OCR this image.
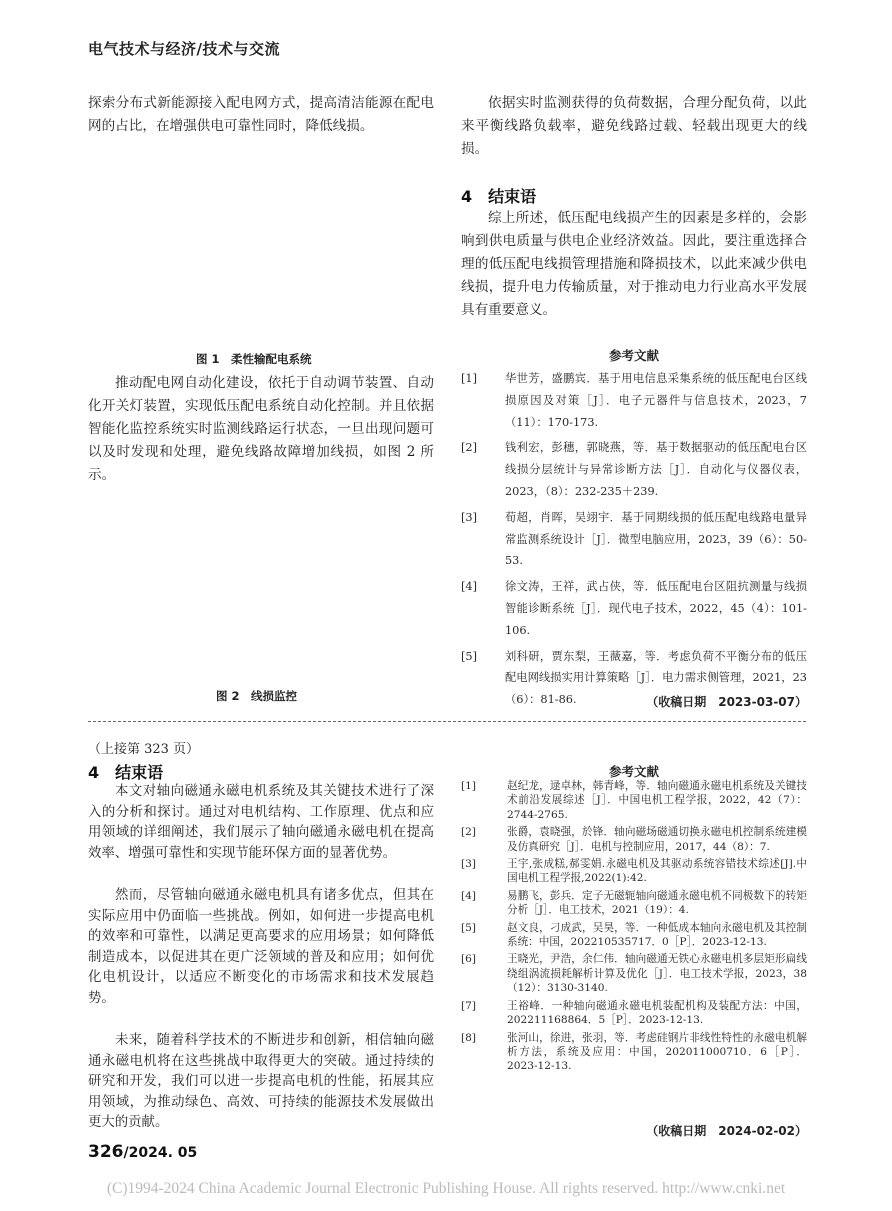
电气技术与经济/技术与交流
探索分布式新能源接入配电网方式，提高清洁能源在配电网的占比，在增强供电可靠性同时，降低线损。
图 1　柔性输配电系统
推动配电网自动化建设，依托于自动调节装置、自动化开关灯装置，实现低压配电系统自动化控制。并且依据智能化监控系统实时监测线路运行状态，一旦出现问题可以及时发现和处理，避免线路故障增加线损，如图 2 所示。
图 2　线损监控
依据实时监测获得的负荷数据，合理分配负荷，以此来平衡线路负载率，避免线路过载、轻载出现更大的线损。
4　结束语
综上所述，低压配电线损产生的因素是多样的，会影响到供电质量与供电企业经济效益。因此，要注重选择合理的低压配电线损管理措施和降损技术，以此来减少供电线损，提升电力传输质量，对于推动电力行业高水平发展具有重要意义。
参考文献
[1] 华世芳，盛鹏宾．基于用电信息采集系统的低压配电台区线损原因及对策［J］．电子元器件与信息技术，2023，7（11）：170-173.
[2] 钱利宏，彭穗，郭晓燕，等．基于数据驱动的低压配电台区线损分层统计与异常诊断方法［J］．自动化与仪器仪表，2023，（8）：232-235＋239.
[3] 荀超，肖晖，吴翊宇．基于同期线损的低压配电线路电量异常监测系统设计［J］．微型电脑应用，2023，39（6）：50-53.
[4] 徐文涛，王祥，武占侠，等．低压配电台区阻抗测量与线损智能诊断系统［J］．现代电子技术，2022，45（4）：101-106.
[5] 刘科研，贾东梨，王薇嘉，等．考虑负荷不平衡分布的低压配电网线损实用计算策略［J］．电力需求侧管理，2021，23（6）：81-86.	（收稿日期　2023-03-07）
（上接第 323 页）
4　结束语
本文对轴向磁通永磁电机系统及其关键技术进行了深入的分析和探讨。通过对电机结构、工作原理、优点和应用领域的详细阐述，我们展示了轴向磁通永磁电机在提高效率、增强可靠性和实现节能环保方面的显著优势。
然而，尽管轴向磁通永磁电机具有诸多优点，但其在实际应用中仍面临一些挑战。例如，如何进一步提高电机的效率和可靠性，以满足更高要求的应用场景；如何降低制造成本，以促进其在更广泛领域的普及和应用；如何优化电机设计，以适应不断变化的市场需求和技术发展趋势。
未来，随着科学技术的不断进步和创新，相信轴向磁通永磁电机将在这些挑战中取得更大的突破。通过持续的研究和开发，我们可以进一步提高电机的性能，拓展其应用领域，为推动绿色、高效、可持续的能源技术发展做出更大的贡献。
参考文献
[1]	赵纪龙，逯卓林，韩青峰，等．轴向磁通永磁电机系统及关键技术前沿发展综述［J］．中国电机工程学报，2022，42（7）：2744-2765.
[2]	张爵，袁晓强，於锋．轴向磁场磁通切换永磁电机控制系统建模及仿真研究［J］．电机与控制应用，2017，44（8）：7.
[3]	王宇,张成糕,郝雯娟.永磁电机及其驱动系统容错技术综述[J].中国电机工程学报,2022(1):42.
[4]	易鹏飞，彭兵．定子无磁轭轴向磁通永磁电机不同极数下的转矩分析［J］．电工技术，2021（19）：4.
[5]	赵文良，刁成武，吴昊，等．一种低成本轴向永磁电机及其控制系统：中国，202210535717．0［P］．2023-12-13.
[6]	王晓光，尹浩，余仁伟．轴向磁通无铁心永磁电机多层矩形扁线绕组涡流损耗解析计算及优化［J］．电工技术学报，2023，38（12）：3130-3140.
[7]	王裕峰．一种轴向磁通永磁电机装配机构及装配方法：中国，202211168864．5［P］．2023-12-13.
[8]	张河山，徐进，张羽，等．考虑硅钢片非线性特性的永磁电机解析方法，系统及应用：中国，202011000710．6［P］．2023-12-13.
（收稿日期　2024-02-02）
326/2024. 05
(C)1994-2024 China Academic Journal Electronic Publishing House. All rights reserved. http://www.cnki.net
